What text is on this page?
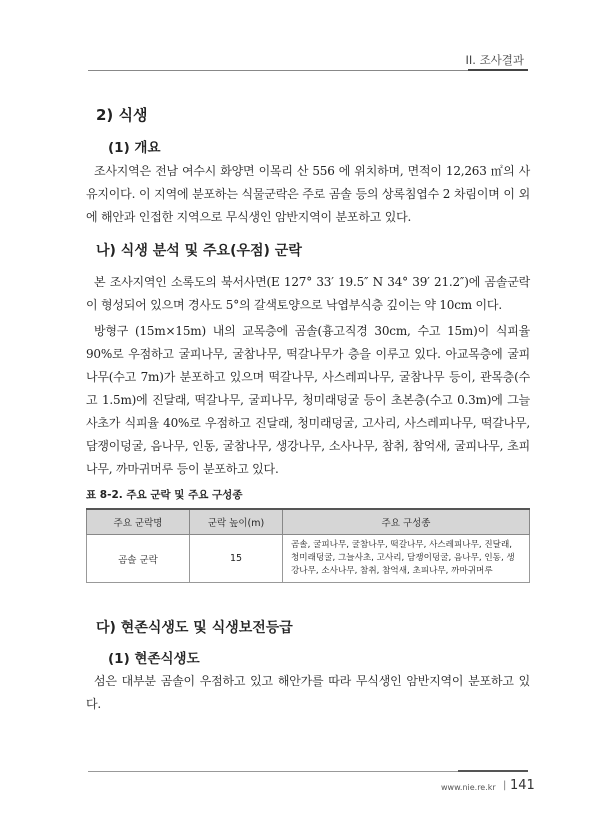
II. 조사결과
2) 식생
(1) 개요

조사지역은 전남 여수시 화양면 이목리 산 556 에 위치하며, 면적이 12,263 ㎡의 사유지이다. 이 지역에 분포하는 식물군락은 주로 곰솔 등의 상록침엽수 2 차림이며 이 외에 해안과 인접한 지역으로 무식생인 암반지역이 분포하고 있다.

나) 식생 분석 및 주요(우점) 군락

본 조사지역인 소록도의 북서사면(E 127° 33′ 19.5″ N 34° 39′ 21.2″)에 곰솔군락이 형성되어 있으며 경사도 5°의 갈색토양으로 낙엽부식층 깊이는 약 10cm 이다.

방형구 (15m×15m) 내의 교목층에 곰솔(흉고직경 30cm, 수고 15m)이 식피율 90%로 우점하고 굴피나무, 굴참나무, 떡갈나무가 층을 이루고 있다. 아교목층에 굴피나무(수고 7m)가 분포하고 있으며 떡갈나무, 사스레피나무, 굴참나무 등이, 관목층(수고 1.5m)에 진달래, 떡갈나무, 굴피나무, 청미래덩굴 등이 초본층(수고 0.3m)에 그늘사초가 식피율 40%로 우점하고 진달래, 청미래덩굴, 고사리, 사스레피나무, 떡갈나무, 담쟁이덩굴, 음나무, 인동, 굴참나무, 생강나무, 소사나무, 참취, 참억새, 굴피나무, 초피나무, 까마귀머루 등이 분포하고 있다.

표 8-2. 주요 군락 및 주요 구성종
주요 군락명	군락 높이(m)	주요 구성종
곰솔 군락	15	곰솔, 굴피나무, 굴참나무, 떡갈나무, 사스레피나무, 진달래, 청미래덩굴, 그늘사초, 고사리, 담쟁이덩굴, 음나무, 인동, 생강나무, 소사나무, 참취, 참억새, 초피나무, 까마귀머루
다) 현존식생도 및 식생보전등급
(1) 현존식생도

섬은 대부분 곰솔이 우점하고 있고 해안가를 따라 무식생인 암반지역이 분포하고 있다.

www.nie.re.kr | 141
